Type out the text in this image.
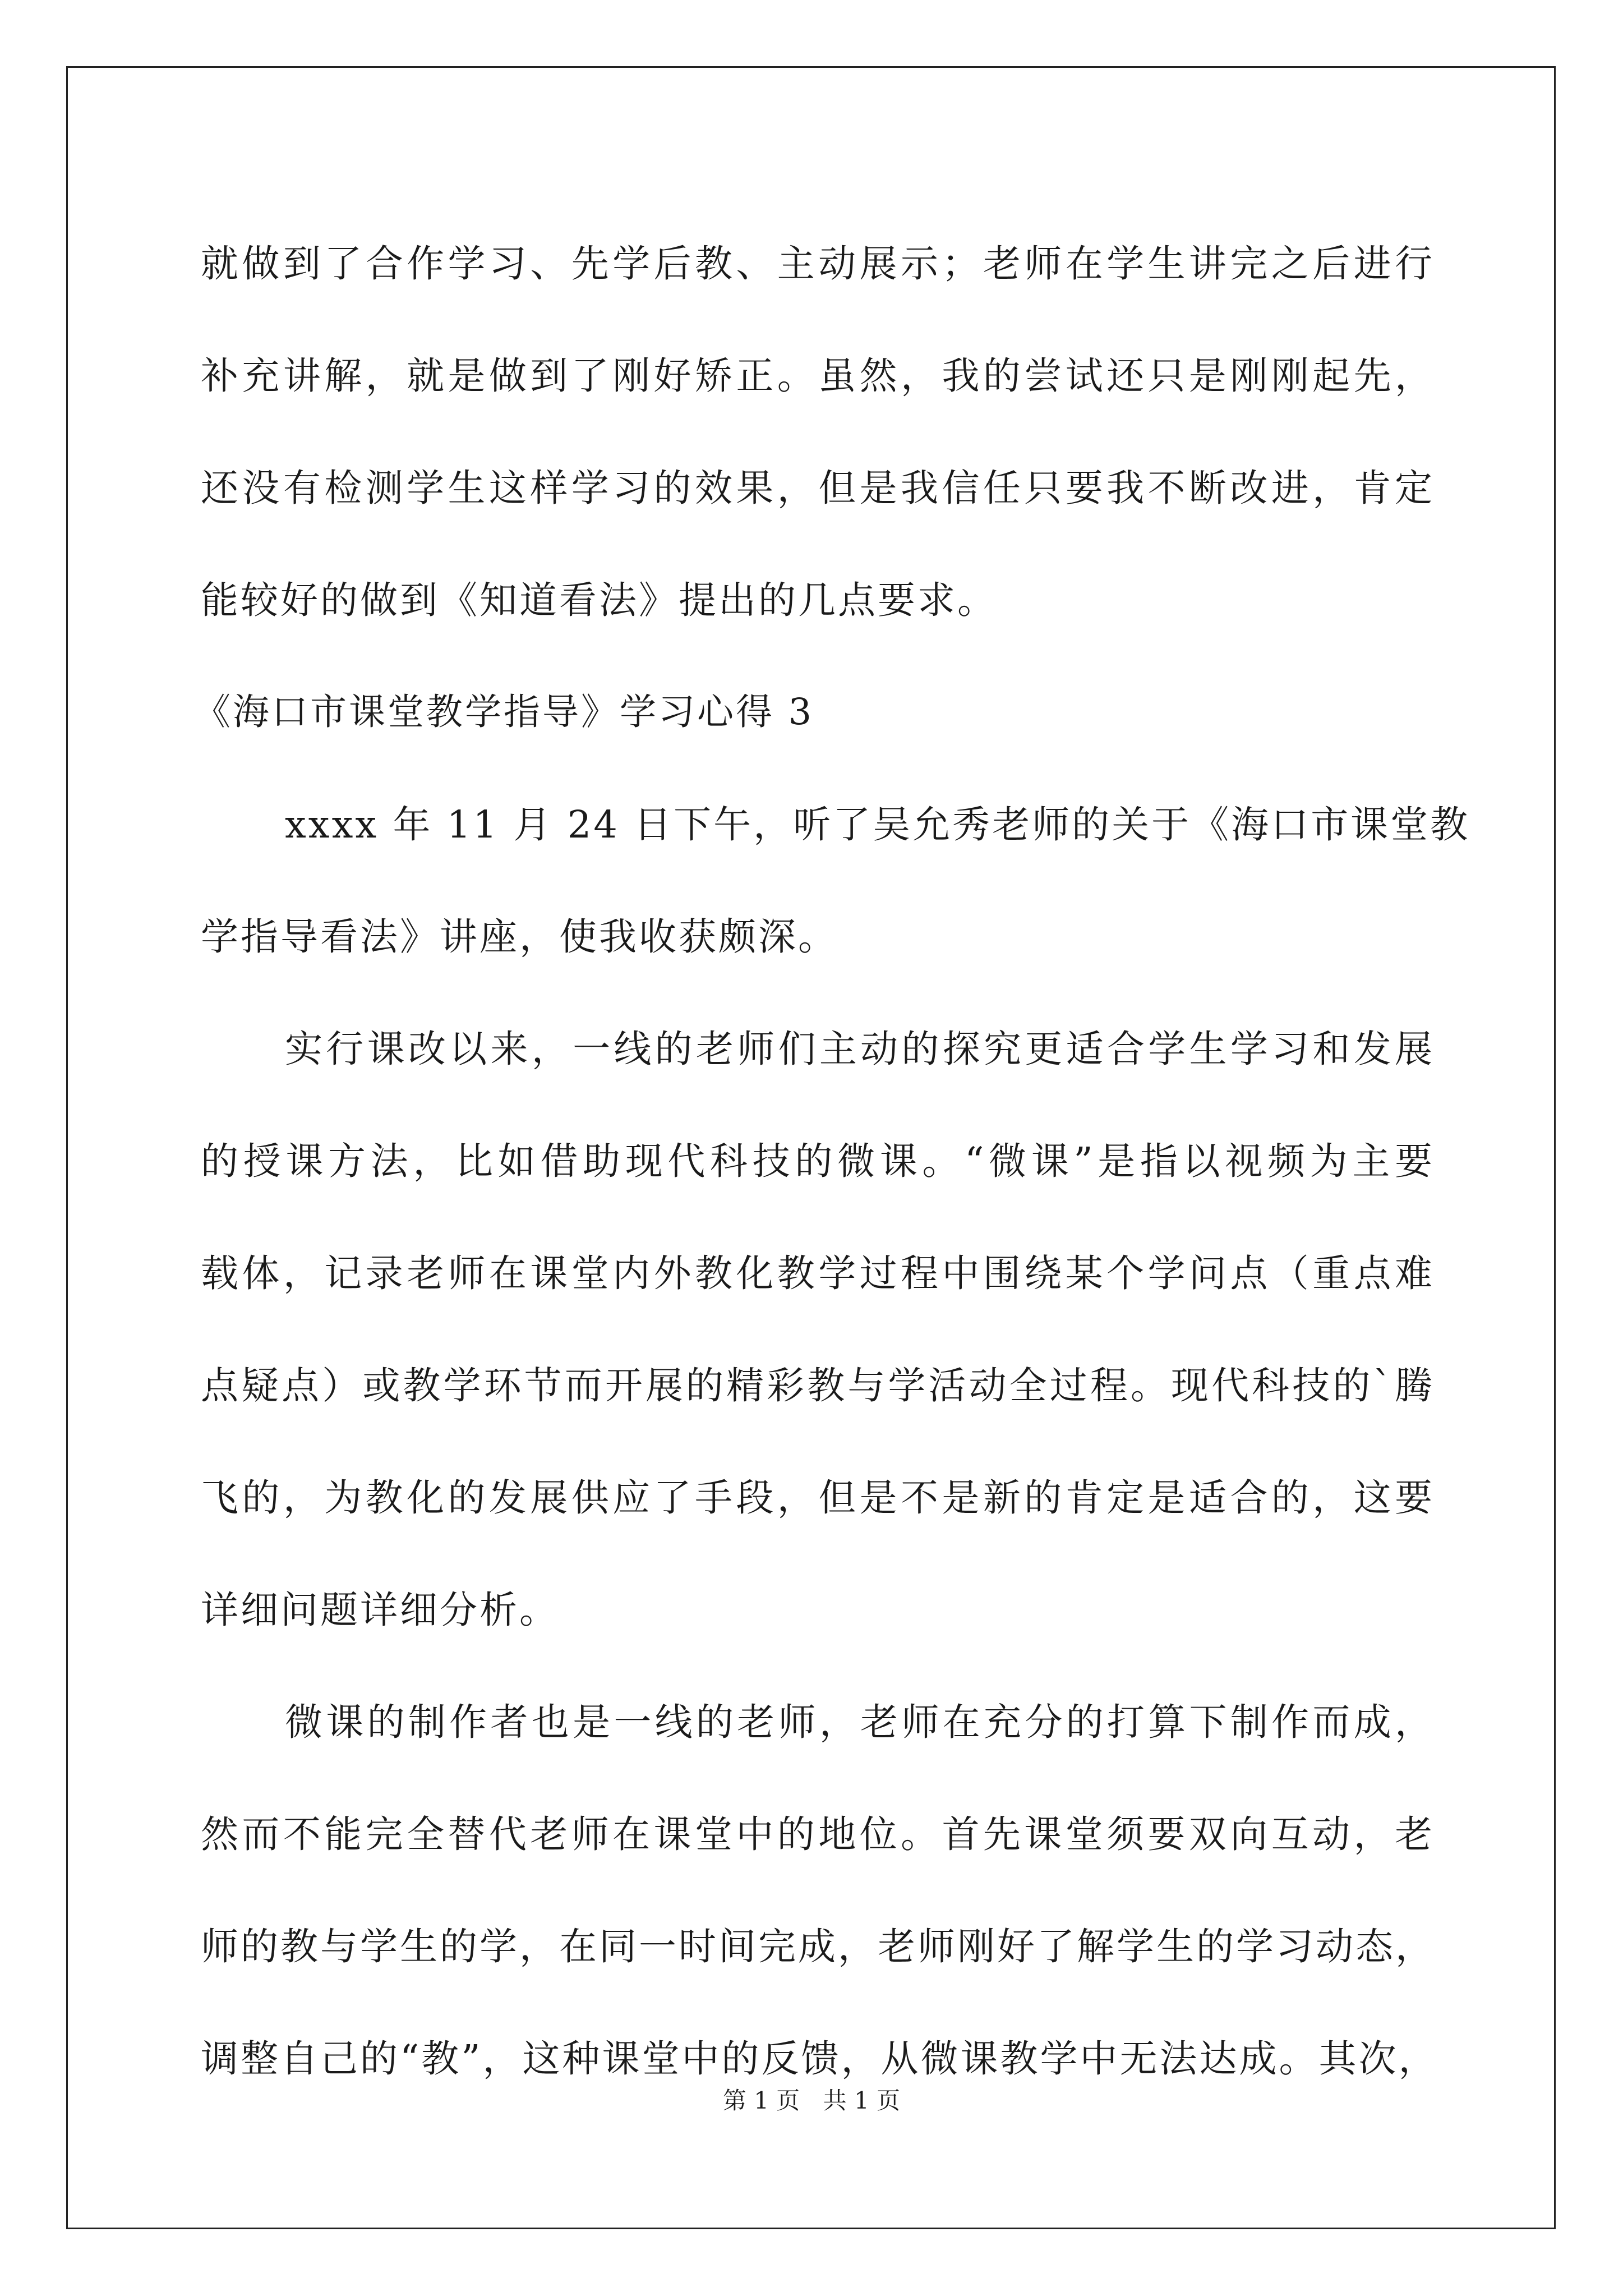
就做到了合作学习、先学后教、主动展示；老师在学生讲完之后进行
补充讲解，就是做到了刚好矫正。虽然，我的尝试还只是刚刚起先，
还没有检测学生这样学习的效果，但是我信任只要我不断改进，肯定
能较好的做到《知道看法》提出的几点要求。
《海口市课堂教学指导》学习心得 3
xxxx 年 11 月 24 日下午，听了吴允秀老师的关于《海口市课堂教
学指导看法》讲座，使我收获颇深。
实行课改以来，一线的老师们主动的探究更适合学生学习和发展
的授课方法，比如借助现代科技的微课。“微课”是指以视频为主要
载体，记录老师在课堂内外教化教学过程中围绕某个学问点（重点难
点疑点）或教学环节而开展的精彩教与学活动全过程。现代科技的`腾
飞的，为教化的发展供应了手段，但是不是新的肯定是适合的，这要
详细问题详细分析。
微课的制作者也是一线的老师，老师在充分的打算下制作而成，
然而不能完全替代老师在课堂中的地位。首先课堂须要双向互动，老
师的教与学生的学，在同一时间完成，老师刚好了解学生的学习动态，
调整自己的“教”，这种课堂中的反馈，从微课教学中无法达成。其次，
第 1 页 共 1 页
